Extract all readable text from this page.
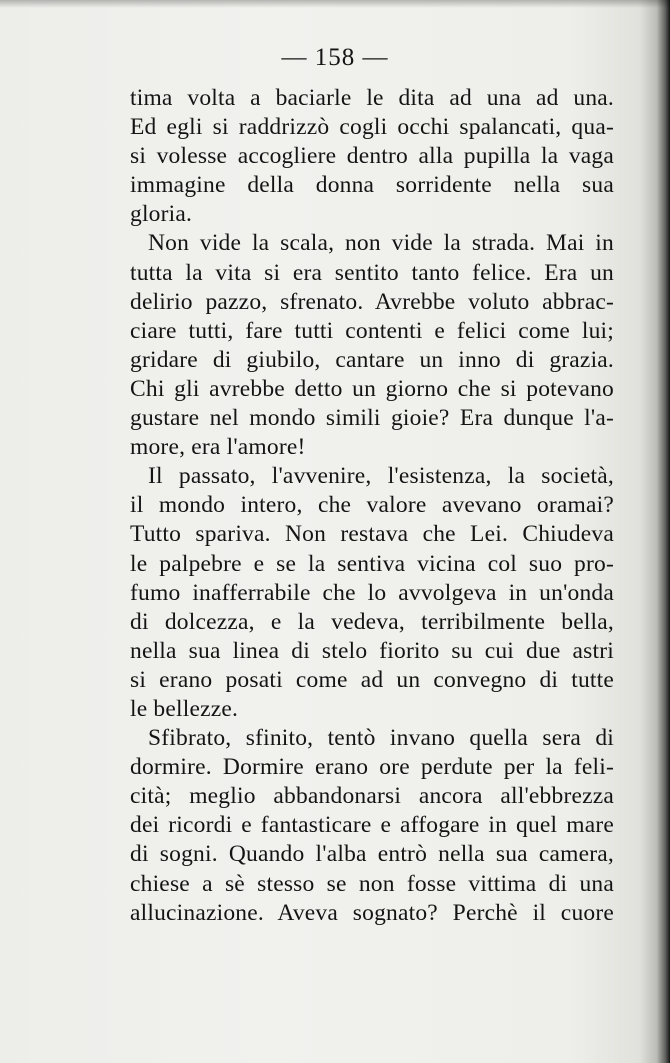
— 158 —
tima volta a baciarle le dita ad una ad una.
Ed egli si raddrizzò cogli occhi spalancati, qua-
si volesse accogliere dentro alla pupilla la vaga
immagine della donna sorridente nella sua
gloria.
Non vide la scala, non vide la strada. Mai in
tutta la vita si era sentito tanto felice. Era un
delirio pazzo, sfrenato. Avrebbe voluto abbrac-
ciare tutti, fare tutti contenti e felici come lui;
gridare di giubilo, cantare un inno di grazia.
Chi gli avrebbe detto un giorno che si potevano
gustare nel mondo simili gioie? Era dunque l'a-
more, era l'amore!
Il passato, l'avvenire, l'esistenza, la società,
il mondo intero, che valore avevano oramai?
Tutto spariva. Non restava che Lei. Chiudeva
le palpebre e se la sentiva vicina col suo pro-
fumo inafferrabile che lo avvolgeva in un'onda
di dolcezza, e la vedeva, terribilmente bella,
nella sua linea di stelo fiorito su cui due astri
si erano posati come ad un convegno di tutte
le bellezze.
Sfibrato, sfinito, tentò invano quella sera di
dormire. Dormire erano ore perdute per la feli-
cità; meglio abbandonarsi ancora all'ebbrezza
dei ricordi e fantasticare e affogare in quel mare
di sogni. Quando l'alba entrò nella sua camera,
chiese a sè stesso se non fosse vittima di una
allucinazione. Aveva sognato? Perchè il cuore
